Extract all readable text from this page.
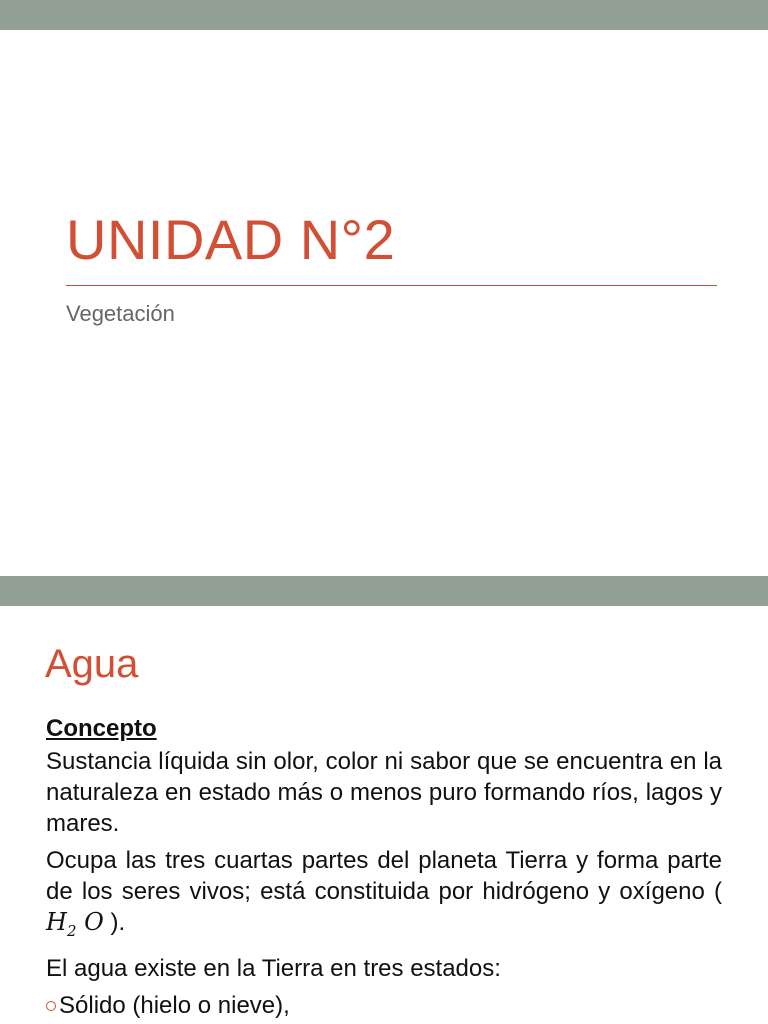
UNIDAD N°2
Vegetación
Agua
Concepto

Sustancia líquida sin olor, color ni sabor que se encuentra en la naturaleza en estado más o menos puro formando ríos, lagos y mares.

Ocupa las tres cuartas partes del planeta Tierra y forma parte de los seres vivos; está constituida por hidrógeno y oxígeno ( $H_2$ O ).

El agua existe en la Tierra en tres estados:

Sólido (hielo o nieve),
